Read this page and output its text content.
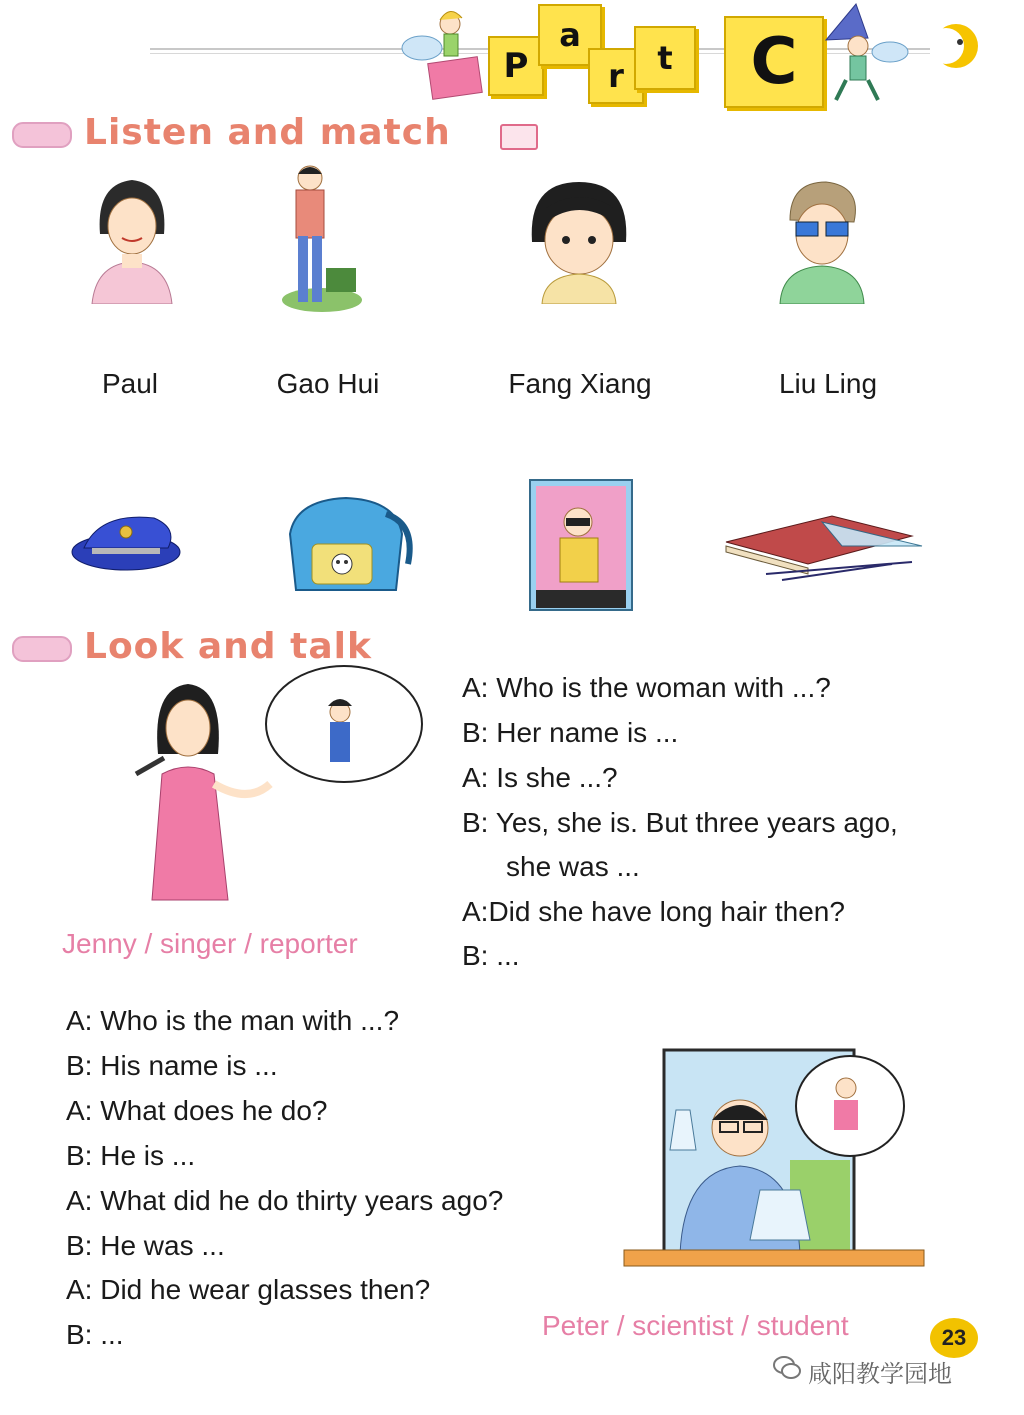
P
a
r	t	C
Listen and match
Paul	Gao Hui	Fang Xiang	Liu Ling
Look and talk
Jenny / singer / reporter
A: Who is the woman with ...?
B: Her name is ...
A: Is she ...?
B: Yes, she is. But three years ago,
she was ...
A:Did she have long hair then?
B: ...
A: Who is the man with ...?
B: His name is ...
A: What does he do?
B: He is ...
A: What did he do thirty years ago?
B: He was ...
A: Did he wear glasses then?
B: ...	Peter / scientist / student	23
咸阳教学园地
